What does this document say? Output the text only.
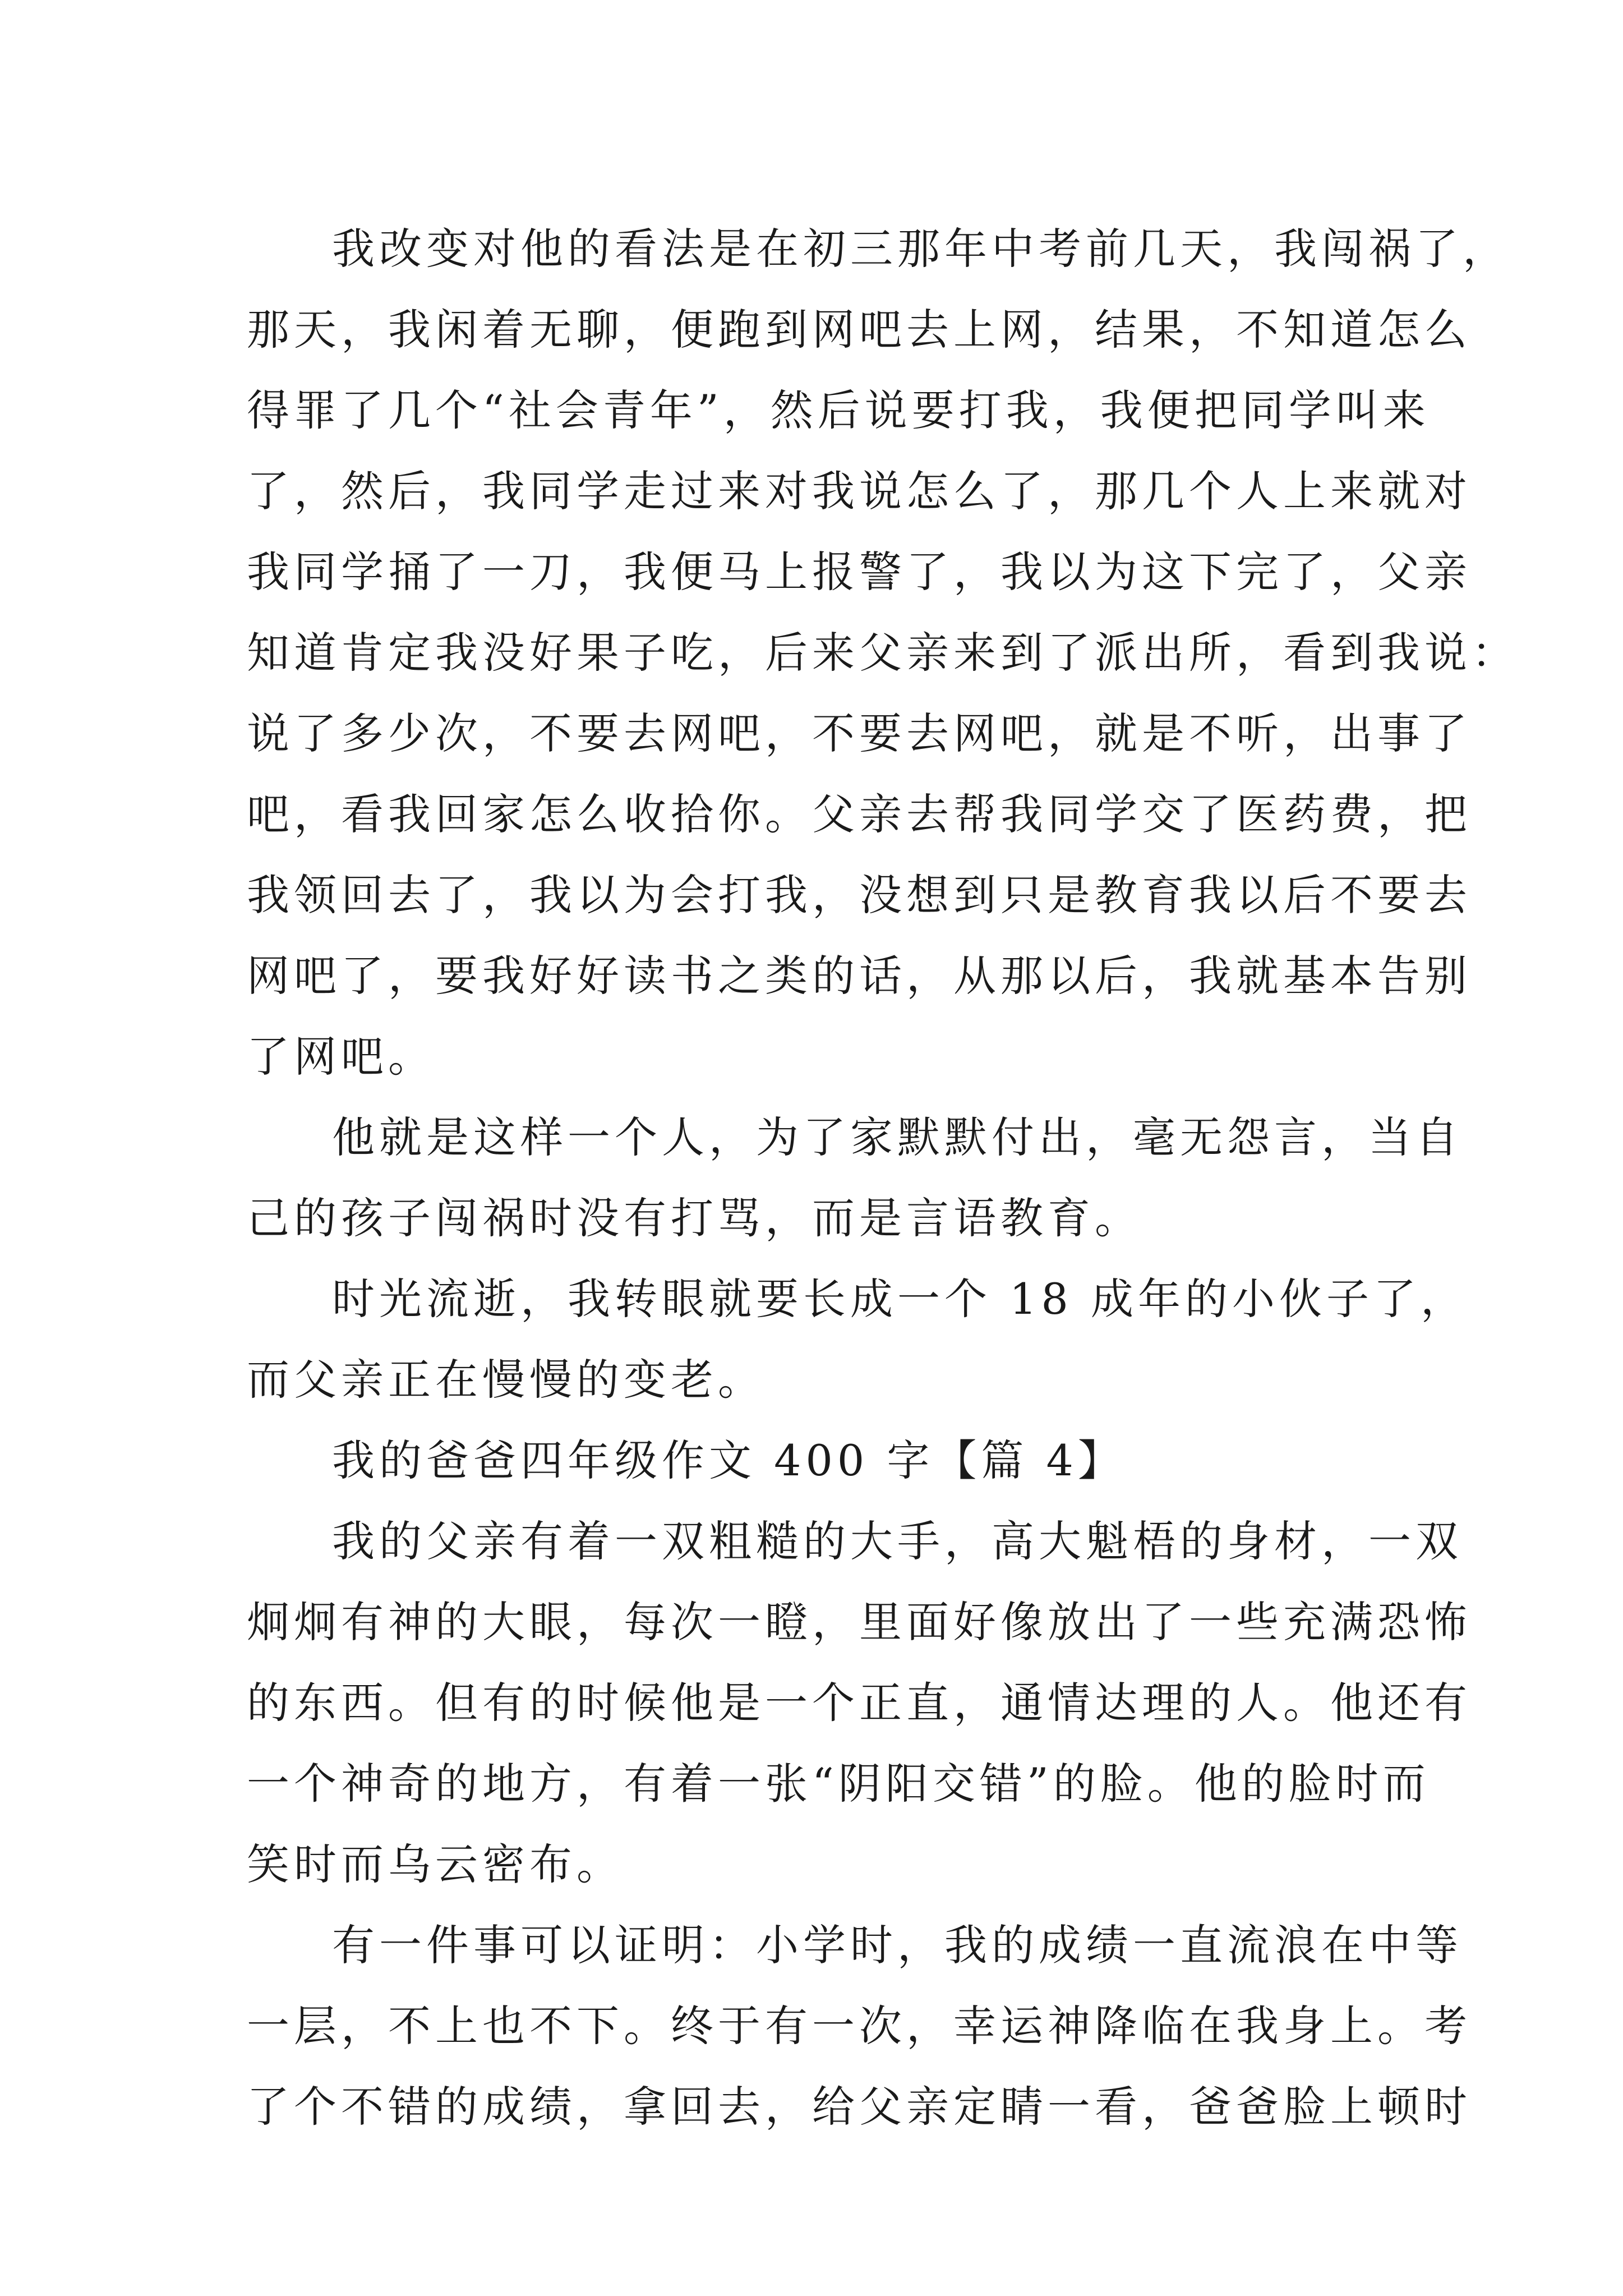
我改变对他的看法是在初三那年中考前几天，我闯祸了，
那天，我闲着无聊，便跑到网吧去上网，结果，不知道怎么
得罪了几个“社会青年”，然后说要打我，我便把同学叫来
了，然后，我同学走过来对我说怎么了，那几个人上来就对
我同学捅了一刀，我便马上报警了，我以为这下完了，父亲
知道肯定我没好果子吃，后来父亲来到了派出所，看到我说：
说了多少次，不要去网吧，不要去网吧，就是不听，出事了
吧，看我回家怎么收拾你。父亲去帮我同学交了医药费，把
我领回去了，我以为会打我，没想到只是教育我以后不要去
网吧了，要我好好读书之类的话，从那以后，我就基本告别
了网吧。
他就是这样一个人，为了家默默付出，毫无怨言，当自
己的孩子闯祸时没有打骂，而是言语教育。
时光流逝，我转眼就要长成一个 18 成年的小伙子了，
而父亲正在慢慢的变老。
我的爸爸四年级作文 400 字【篇 4】
我的父亲有着一双粗糙的大手，高大魁梧的身材，一双
炯炯有神的大眼，每次一瞪，里面好像放出了一些充满恐怖
的东西。但有的时候他是一个正直，通情达理的人。他还有
一个神奇的地方，有着一张“阴阳交错”的脸。他的脸时而
笑时而乌云密布。
有一件事可以证明：小学时，我的成绩一直流浪在中等
一层，不上也不下。终于有一次，幸运神降临在我身上。考
了个不错的成绩，拿回去，给父亲定睛一看，爸爸脸上顿时
